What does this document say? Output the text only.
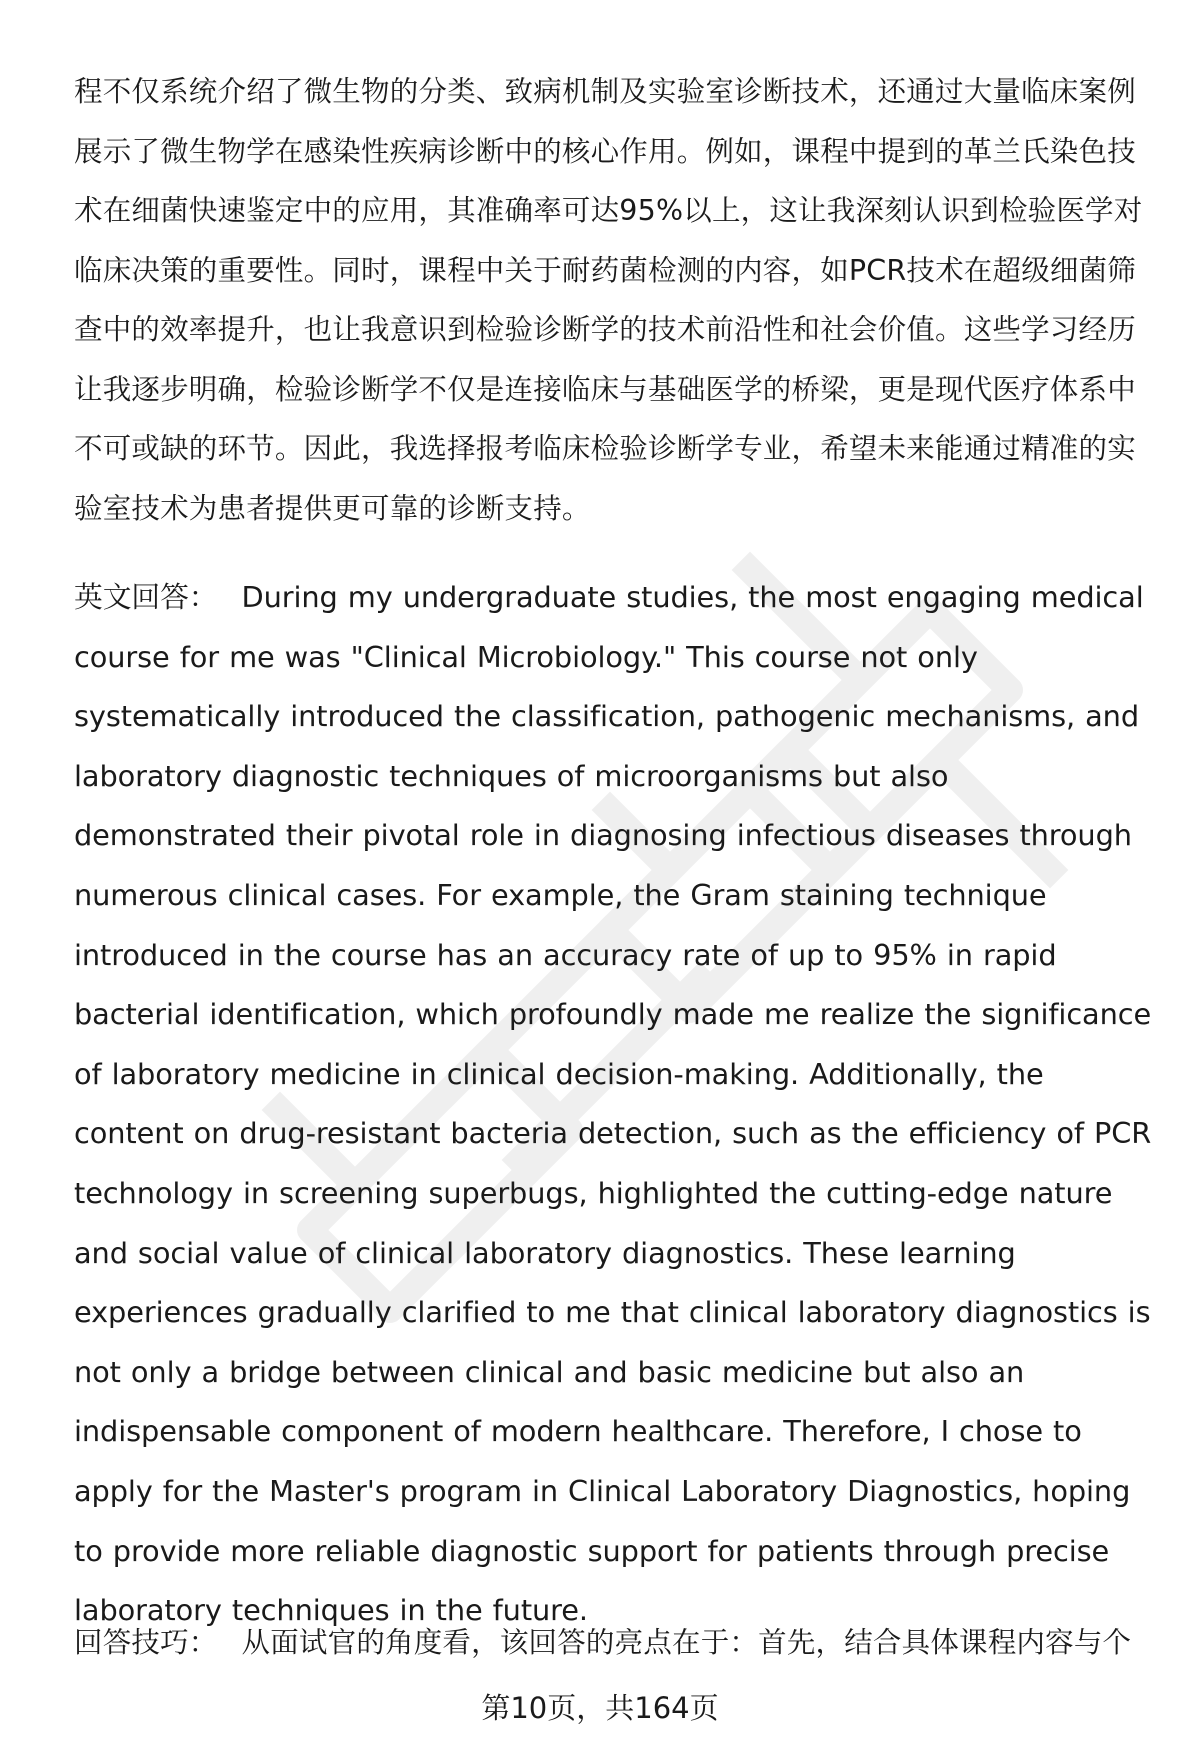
程不仅系统介绍了微生物的分类、致病机制及实验室诊断技术，还通过大量临床案例展示了微生物学在感染性疾病诊断中的核心作用。例如，课程中提到的革兰氏染色技术在细菌快速鉴定中的应用，其准确率可达95%以上，这让我深刻认识到检验医学对临床决策的重要性。同时，课程中关于耐药菌检测的内容，如PCR技术在超级细菌筛查中的效率提升，也让我意识到检验诊断学的技术前沿性和社会价值。这些学习经历让我逐步明确，检验诊断学不仅是连接临床与基础医学的桥梁，更是现代医疗体系中不可或缺的环节。因此，我选择报考临床检验诊断学专业，希望未来能通过精准的实验室技术为患者提供更可靠的诊断支持。

英文回答： During my undergraduate studies, the most engaging medical course for me was "Clinical Microbiology." This course not only systematically introduced the classification, pathogenic mechanisms, and laboratory diagnostic techniques of microorganisms but also demonstrated their pivotal role in diagnosing infectious diseases through numerous clinical cases. For example, the Gram staining technique introduced in the course has an accuracy rate of up to 95% in rapid bacterial identification, which profoundly made me realize the significance of laboratory medicine in clinical decision-making. Additionally, the content on drug-resistant bacteria detection, such as the efficiency of PCR technology in screening superbugs, highlighted the cutting-edge nature and social value of clinical laboratory diagnostics. These learning experiences gradually clarified to me that clinical laboratory diagnostics is not only a bridge between clinical and basic medicine but also an indispensable component of modern healthcare. Therefore, I chose to apply for the Master's program in Clinical Laboratory Diagnostics, hoping to provide more reliable diagnostic support for patients through precise laboratory techniques in the future.

回答技巧： 从面试官的角度看，该回答的亮点在于：首先，结合具体课程内容与个

第10页，共164页
